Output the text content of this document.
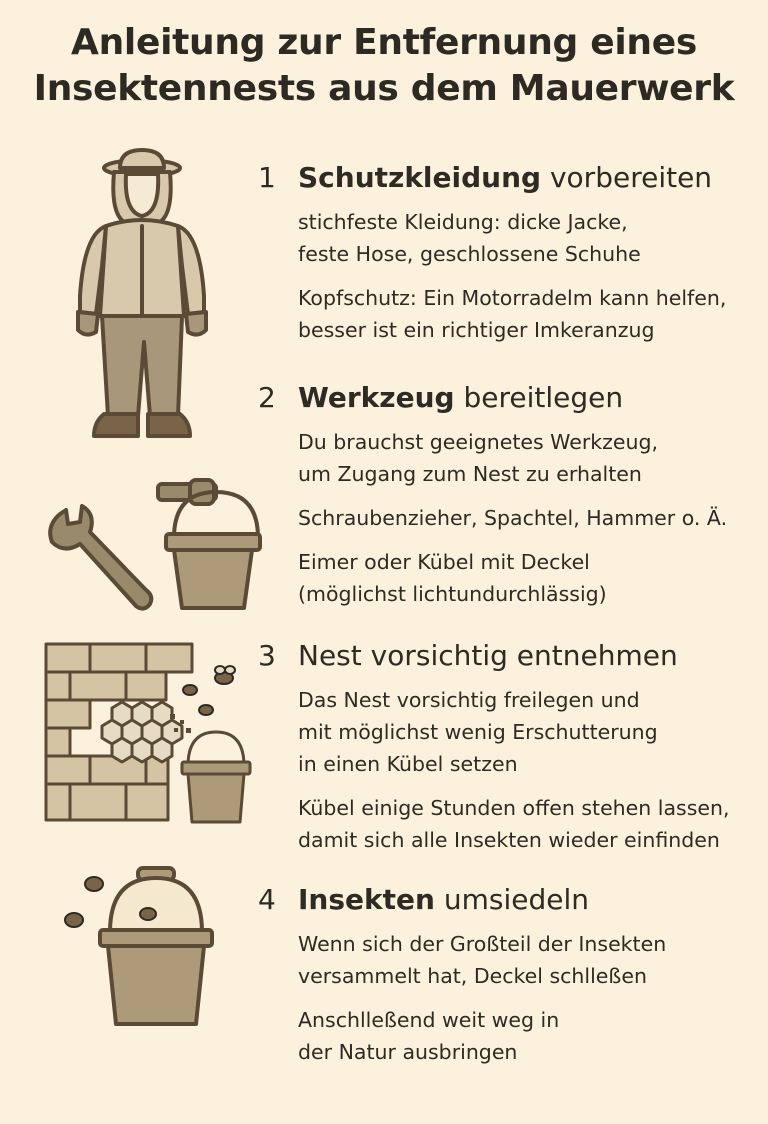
Anleitung zur Entfernung eines
Insektennests aus dem Mauerwerk
1 Schutzkleidung vorbereiten
stichfeste Kleidung: dicke Jacke,
feste Hose, geschlossene Schuhe
Kopfschutz: Ein Motorradelm kann helfen,
besser ist ein richtiger Imkeranzug
2 Werkzeug bereitlegen
Du brauchst geeignetes Werkzeug,
um Zugang zum Nest zu erhalten
Schraubenzieher, Spachtel, Hammer o. Ä.
Eimer oder Kübel mit Deckel
(möglichst lichtundurchlässig)
3 Nest vorsichtig entnehmen
Das Nest vorsichtig freilegen und
mit möglichst wenig Erschutterung
in einen Kübel setzen
Kübel einige Stunden offen stehen lassen,
damit sich alle Insekten wieder einfinden
4 Insekten umsiedeln
Wenn sich der Großteil der Insekten
versammelt hat, Deckel schlleßen
Anschlleßend weit weg in
der Natur ausbringen
